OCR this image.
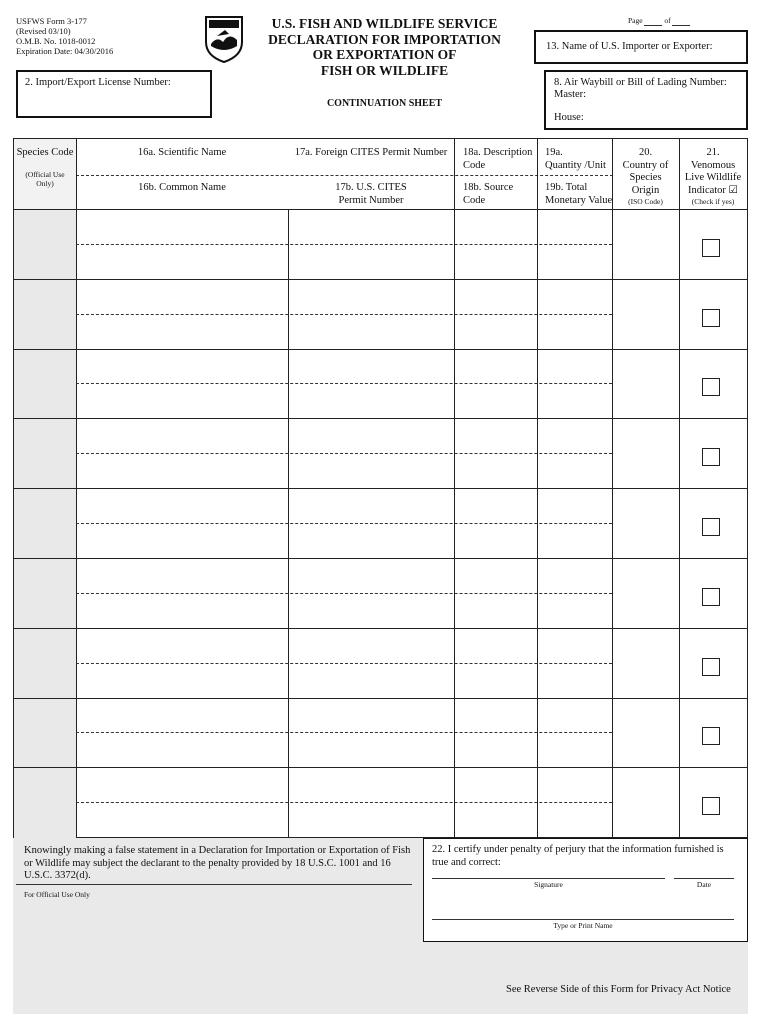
USFWS Form 3-177
(Revised 03/10)
O.M.B. No. 1018-0012
Expiration Date: 04/30/2016
U.S. FISH AND WILDLIFE SERVICE
DECLARATION FOR IMPORTATION
OR EXPORTATION OF
FISH OR WILDLIFE
CONTINUATION SHEET
Page	of
13. Name of U.S. Importer or Exporter:
2. Import/Export License Number:	8. Air Waybill or Bill of Lading Number:
Master:
House:
Species Code
(Official Use Only)
16a. Scientific Name
16b. Common Name
17a. Foreign CITES Permit Number
17b. U.S. CITES
Permit Number
18a. Description
Code
18b. Source
Code
19a.
Quantity /Unit
19b. Total
Monetary Value
20.
Country of
Species
Origin
(ISO Code)
21.
Venomous
Live Wildlife
Indicator ☑
(Check if yes)
Knowingly making a false statement in a Declaration for Importation or Exportation of Fish or Wildlife may subject the declarant to the penalty provided by 18 U.S.C. 1001 and 16 U.S.C. 3372(d).
For Official Use Only
22. I certify under penalty of perjury that the information furnished is true and correct:
Signature	Date
Type or Print Name
See Reverse Side of this Form for Privacy Act Notice
